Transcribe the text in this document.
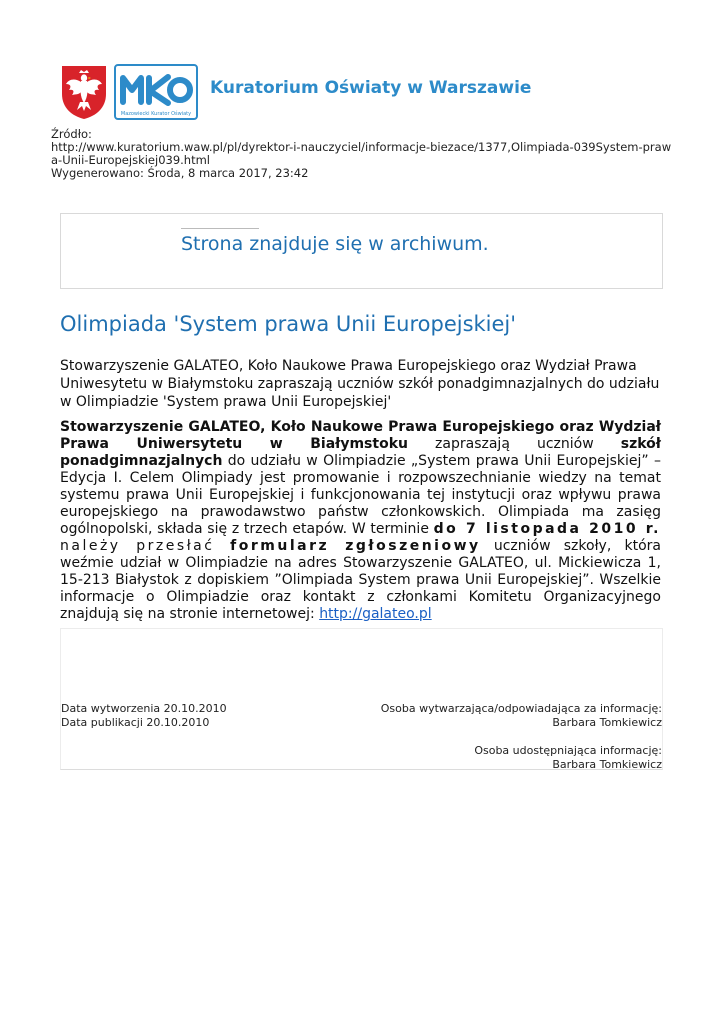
Mazowiecki Kurator Oświaty
Kuratorium Oświaty w Warszawie
Źródło:
http://www.kuratorium.waw.pl/pl/dyrektor-i-nauczyciel/informacje-biezace/1377,Olimpiada-039System-prawa-Unii-Europejskiej039.html
Wygenerowano: Środa, 8 marca 2017, 23:42
Strona znajduje się w archiwum.
Olimpiada 'System prawa Unii Europejskiej'
Stowarzyszenie GALATEO, Koło Naukowe Prawa Europejskiego oraz Wydział Prawa Uniwesytetu w Białymstoku zapraszają uczniów szkół ponadgimnazjalnych do udziału w Olimpiadzie 'System prawa Unii Europejskiej'
Stowarzyszenie GALATEO, Koło Naukowe Prawa Europejskiego oraz Wydział Prawa Uniwersytetu w Białymstoku zapraszają uczniów szkół ponadgimnazjalnych do udziału w Olimpiadzie „System prawa Unii Europejskiej” – Edycja I. Celem Olimpiady jest promowanie i rozpowszechnianie wiedzy na temat systemu prawa Unii Europejskiej i funkcjonowania tej instytucji oraz wpływu prawa europejskiego na prawodawstwo państw członkowskich. Olimpiada ma zasięg ogólnopolski, składa się z trzech etapów. W terminie do 7 listopada 2010 r. należy przesłać formularz zgłoszeniowy uczniów szkoły, która weźmie udział w Olimpiadzie na adres Stowarzyszenie GALATEO, ul. Mickiewicza 1, 15-213 Białystok z dopiskiem ”Olimpiada System prawa Unii Europejskiej”. Wszelkie informacje o Olimpiadzie oraz kontakt z członkami Komitetu Organizacyjnego znajdują się na stronie internetowej: http://galateo.pl
Data wytworzenia 20.10.2010
Data publikacji 20.10.2010
Osoba wytwarzająca/odpowiadająca za informację:
Barbara Tomkiewicz
Osoba udostępniająca informację:
Barbara Tomkiewicz
